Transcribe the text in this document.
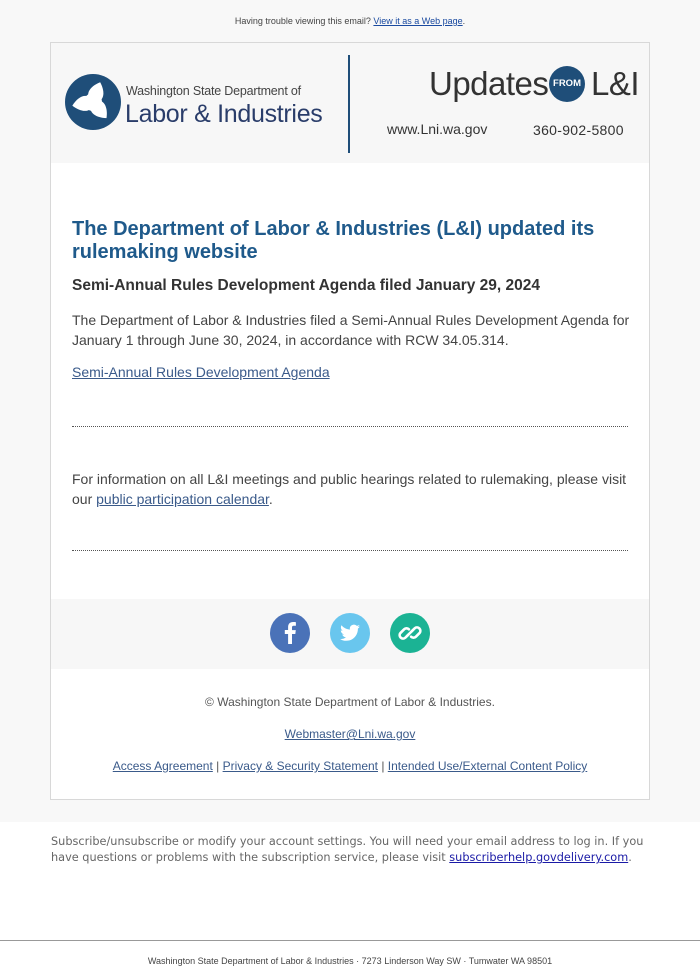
Having trouble viewing this email? View it as a Web page.
Washington State Department of
Labor & Industries
Updates FROM L&I
www.Lni.wa.gov	360-902-5800
The Department of Labor & Industries (L&I) updated its rulemaking website
Semi-Annual Rules Development Agenda filed January 29, 2024
The Department of Labor & Industries filed a Semi-Annual Rules Development Agenda for January 1 through June 30, 2024, in accordance with RCW 34.05.314.
Semi-Annual Rules Development Agenda
For information on all L&I meetings and public hearings related to rulemaking, please visit our public participation calendar.
© Washington State Department of Labor & Industries.
Webmaster@Lni.wa.gov
Access Agreement | Privacy & Security Statement | Intended Use/External Content Policy
Subscribe/unsubscribe or modify your account settings. You will need your email address to log in. If you have questions or problems with the subscription service, please visit subscriberhelp.govdelivery.com.
Washington State Department of Labor & Industries · 7273 Linderson Way SW · Tumwater WA 98501
